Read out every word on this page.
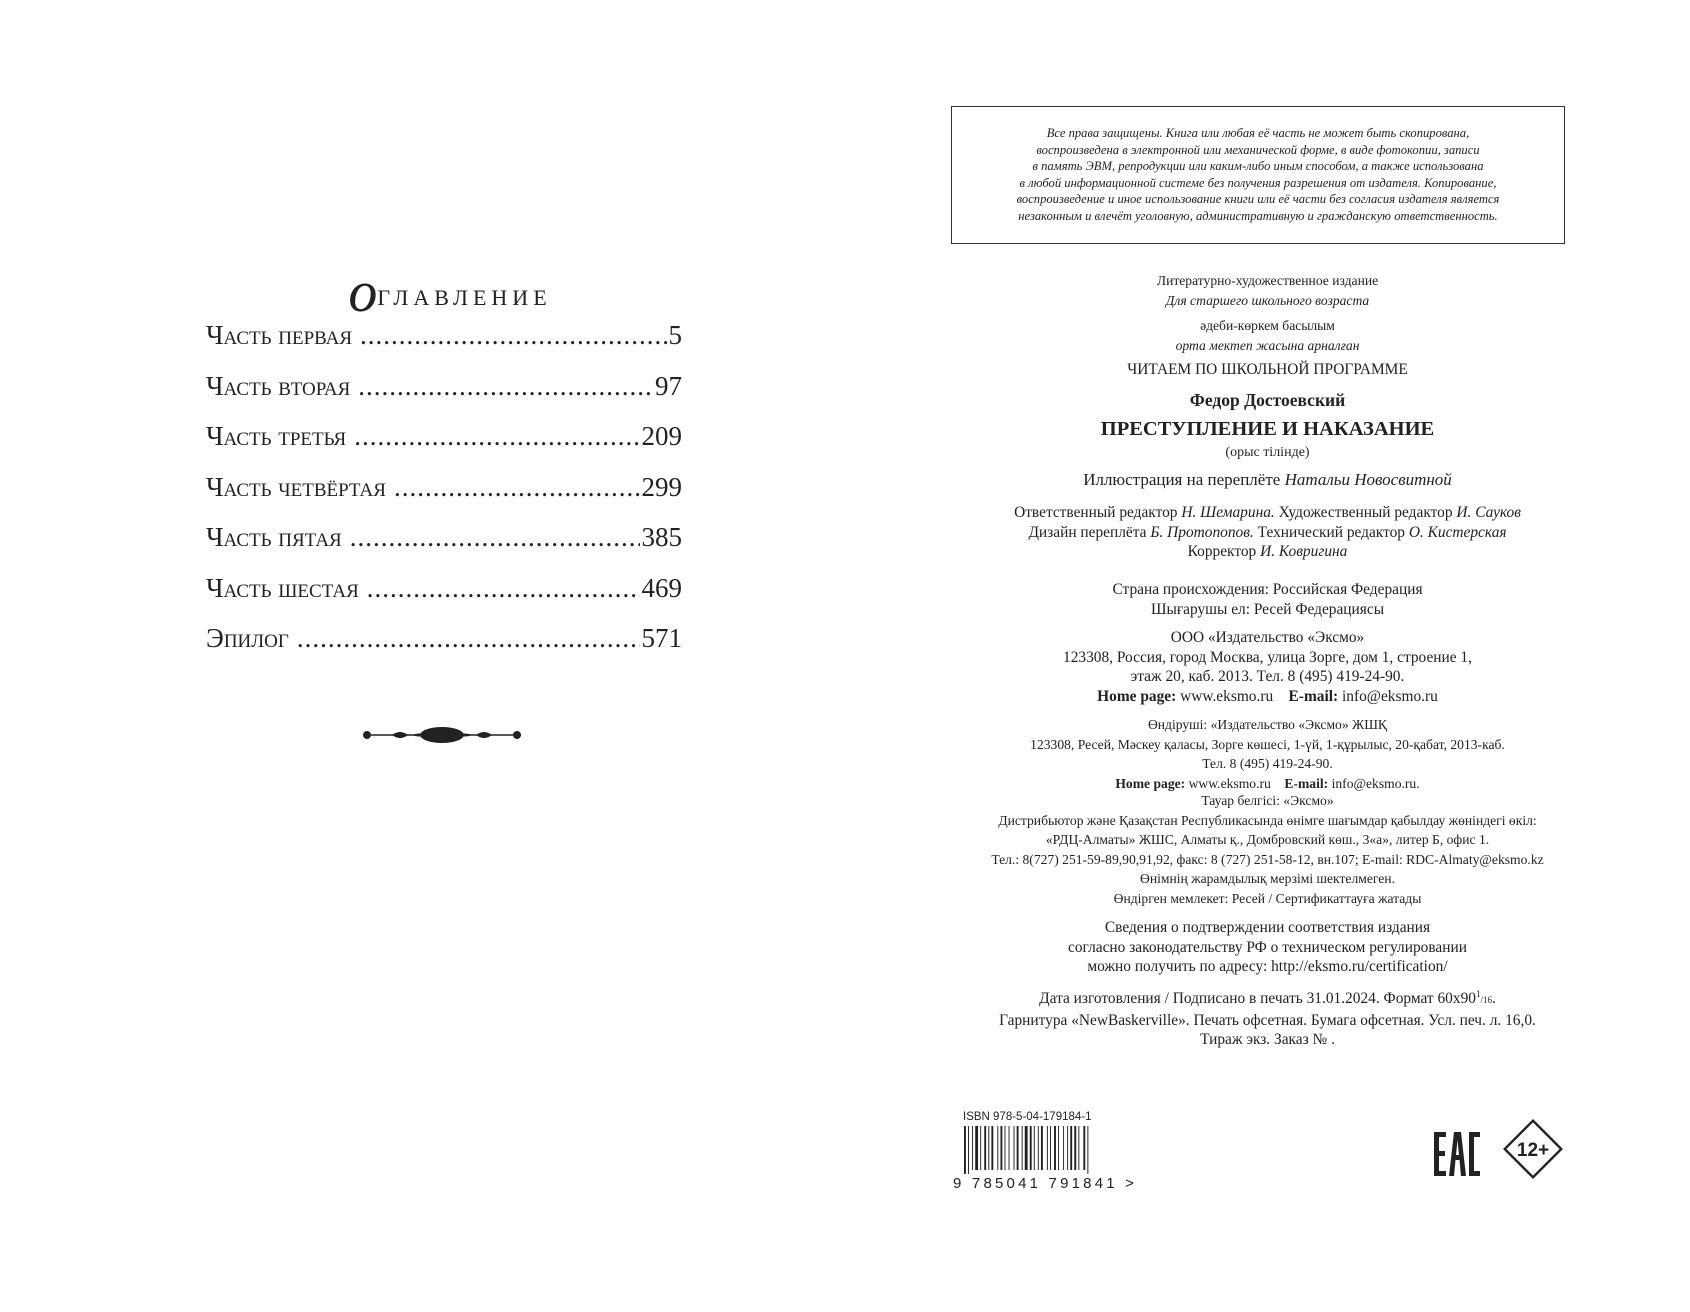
оглавление
Часть первая .....	5
Часть вторая .....	97
Часть третья .....	209
Часть четвёртая .....	299
Часть пятая .....	385
Часть шестая .....	469
Эпилог .....	571
Все права защищены. Книга или любая её часть не может быть скопирована,
воспроизведена в электронной или механической форме, в виде фотокопии, записи
в память ЭВМ, репродукции или каким-либо иным способом, а также использована
в любой информационной системе без получения разрешения от издателя. Копирование,
воспроизведение и иное использование книги или её части без согласия издателя является
незаконным и влечёт уголовную, административную и гражданскую ответственность.
Литературно-художественное издание
Для старшего школьного возраста
әдеби-көркем басылым
орта мектеп жасына арналған
ЧИТАЕМ ПО ШКОЛЬНОЙ ПРОГРАММЕ
Федор Достоевский
ПРЕСТУПЛЕНИЕ И НАКАЗАНИЕ
(орыс тілінде)
Иллюстрация на переплёте Натальи Новосвитной
Ответственный редактор Н. Шемарина. Художественный редактор И. Сауков
Дизайн переплёта Б. Протопопов. Технический редактор О. Кистерская
Корректор И. Ковригина
Страна происхождения: Российская Федерация
Шығарушы ел: Ресей Федерациясы
ООО «Издательство «Эксмо»
123308, Россия, город Москва, улица Зорге, дом 1, строение 1,
этаж 20, каб. 2013. Тел. 8 (495) 419-24-90.
Home page: www.eksmo.ru E-mail: info@eksmo.ru
Өндіруші: «Издательство «Эксмо» ЖШҚ
123308, Ресей, Мәскеу қаласы, Зорге көшесі, 1-үй, 1-құрылыс, 20-қабат, 2013-каб.
Тел. 8 (495) 419-24-90.
Home page: www.eksmo.ru E-mail: info@eksmo.ru.
Тауар белгісі: «Эксмо»
Дистрибьютор және Қазақстан Республикасында өнімге шағымдар қабылдау жөніндегі өкіл:
«РДЦ-Алматы» ЖШС, Алматы қ., Домбровский көш., 3«а», литер Б, офис 1.
Тел.: 8(727) 251-59-89,90,91,92, факс: 8 (727) 251-58-12, вн.107; E-mail: RDC-Almaty@eksmo.kz
Өнімнің жарамдылық мерзімі шектелмеген.
Өндірген мемлекет: Ресей / Сертификаттауға жатады
Сведения о подтверждении соответствия издания
согласно законодательству РФ о техническом регулировании
можно получить по адресу: http://eksmo.ru/certification/
Дата изготовления / Подписано в печать 31.01.2024. Формат $60х90^1/16$.
Гарнитура «NewBaskerville». Печать офсетная. Бумага офсетная. Усл. печ. л. 16,0.
Тираж экз. Заказ № .
ISBN 978-5-04-179184-1
9 785041 791841 >
12+
